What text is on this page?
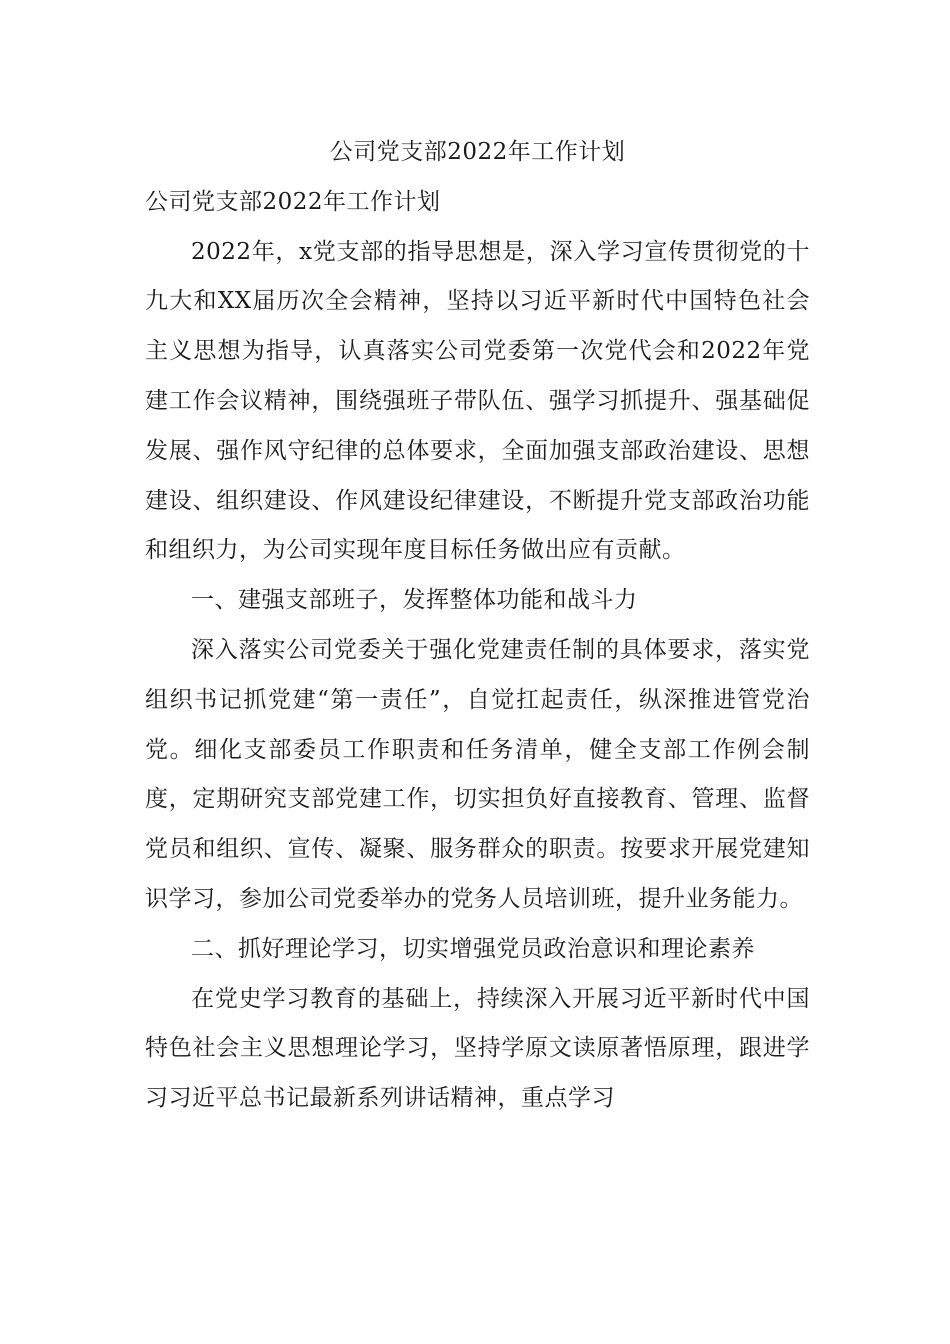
公司党支部2022年工作计划

公司党支部2022年工作计划

2022年，x党支部的指导思想是，深入学习宣传贯彻党的十九大和XX届历次全会精神，坚持以习近平新时代中国特色社会主义思想为指导，认真落实公司党委第一次党代会和2022年党建工作会议精神，围绕强班子带队伍、强学习抓提升、强基础促发展、强作风守纪律的总体要求，全面加强支部政治建设、思想建设、组织建设、作风建设纪律建设，不断提升党支部政治功能和组织力，为公司实现年度目标任务做出应有贡献。

一、建强支部班子，发挥整体功能和战斗力

深入落实公司党委关于强化党建责任制的具体要求，落实党组织书记抓党建“第一责任”，自觉扛起责任，纵深推进管党治党。细化支部委员工作职责和任务清单，健全支部工作例会制度，定期研究支部党建工作，切实担负好直接教育、管理、监督党员和组织、宣传、凝聚、服务群众的职责。按要求开展党建知识学习，参加公司党委举办的党务人员培训班，提升业务能力。

二、抓好理论学习，切实增强党员政治意识和理论素养

在党史学习教育的基础上，持续深入开展习近平新时代中国特色社会主义思想理论学习，坚持学原文读原著悟原理，跟进学习习近平总书记最新系列讲话精神，重点学习
